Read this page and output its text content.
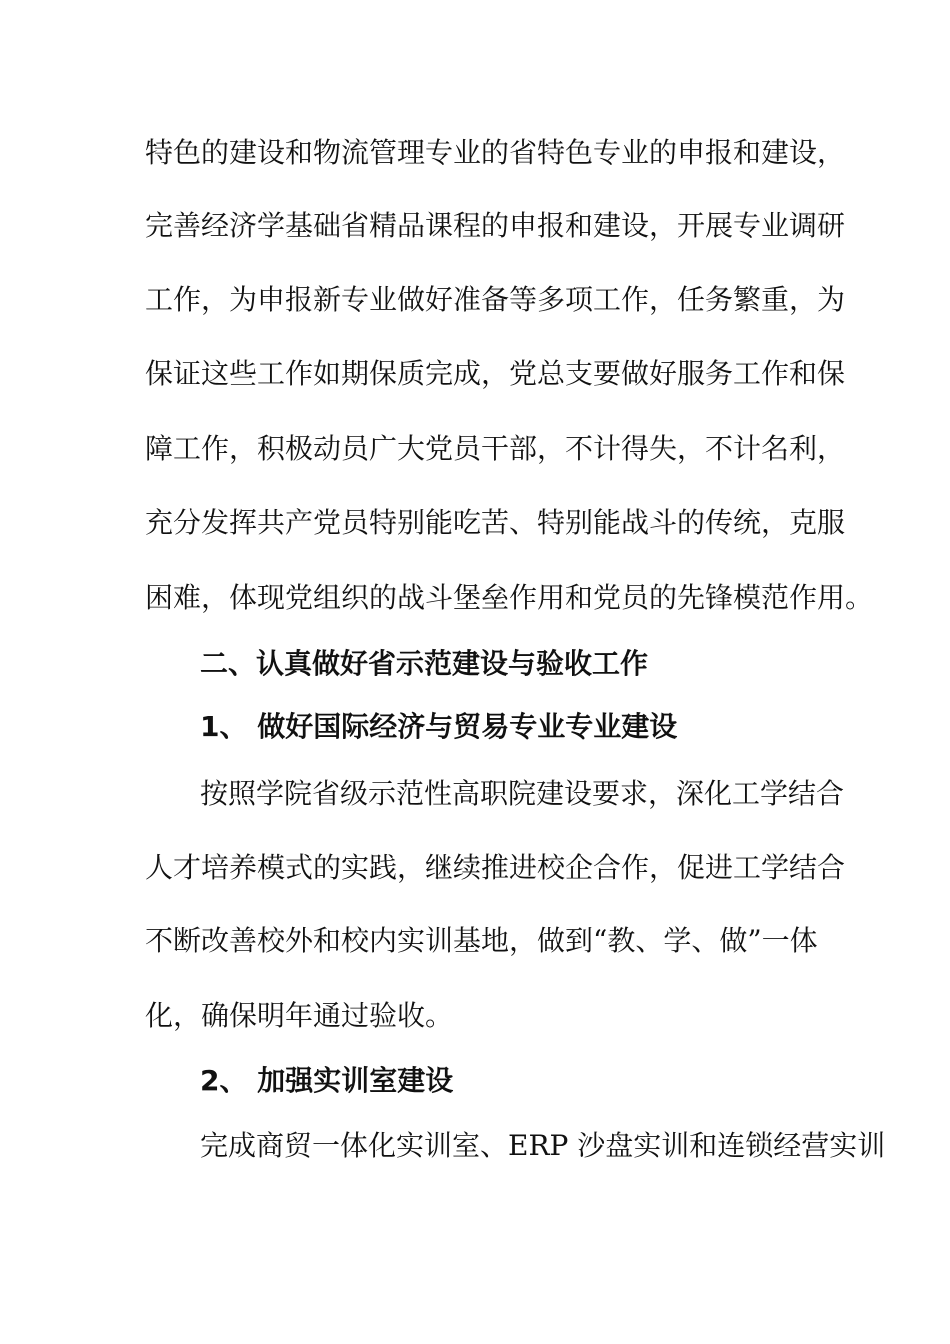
特色的建设和物流管理专业的省特色专业的申报和建设，
完善经济学基础省精品课程的申报和建设，开展专业调研
工作，为申报新专业做好准备等多项工作，任务繁重，为
保证这些工作如期保质完成，党总支要做好服务工作和保
障工作，积极动员广大党员干部，不计得失，不计名利，
充分发挥共产党员特别能吃苦、特别能战斗的传统，克服
困难，体现党组织的战斗堡垒作用和党员的先锋模范作用。
二、认真做好省示范建设与验收工作
1、 做好国际经济与贸易专业专业建设
按照学院省级示范性高职院建设要求，深化工学结合
人才培养模式的实践，继续推进校企合作，促进工学结合
不断改善校外和校内实训基地，做到“教、学、做”一体
化，确保明年通过验收。
2、 加强实训室建设
完成商贸一体化实训室、ERP 沙盘实训和连锁经营实训
